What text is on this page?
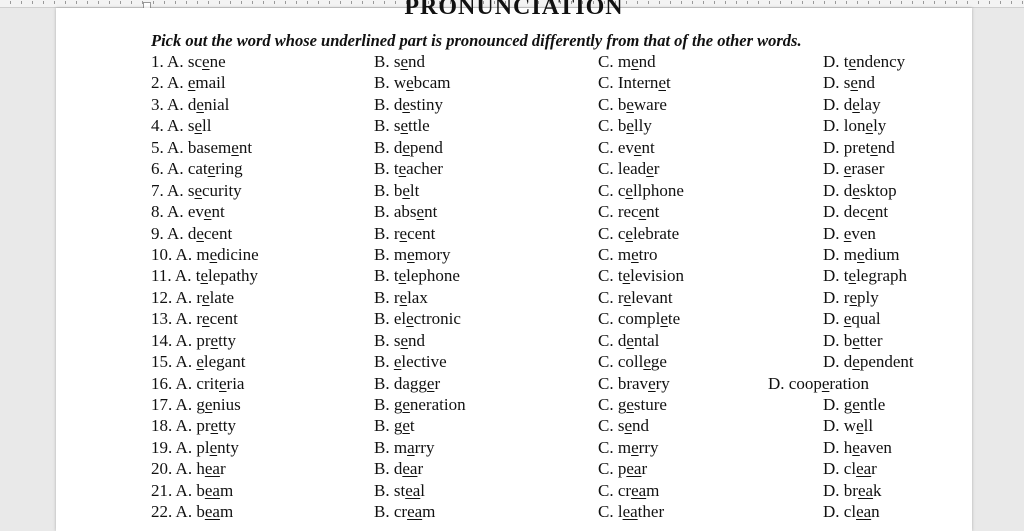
PRONUNCIATION
Pick out the word whose underlined part is pronounced differently from that of the other words.
1. A. scene	B. send	C. mend	D. tendency
2. A. email	B. webcam	C. Internet	D. send
3. A. denial	B. destiny	C. beware	D. delay
4. A. sell	B. settle	C. belly	D. lonely
5. A. basement	B. depend	C. event	D. pretend
6. A. catering	B. teacher	C. leader	D. eraser
7. A. security	B. belt	C. cellphone	D. desktop
8. A. event	B. absent	C. recent	D. decent
9. A. decent	B. recent	C. celebrate	D. even
10. A. medicine	B. memory	C. metro	D. medium
11. A. telepathy	B. telephone	C. television	D. telegraph
12. A. relate	B. relax	C. relevant	D. reply
13. A. recent	B. electronic	C. complete	D. equal
14. A. pretty	B. send	C. dental	D. better
15. A. elegant	B. elective	C. college	D. dependent
16. A. criteria	B. dagger	C. bravery	D. cooperation
17. A. genius	B. generation	C. gesture	D. gentle
18. A. pretty	B. get	C. send	D. well
19. A. plenty	B. marry	C. merry	D. heaven
20. A. hear	B. dear	C. pear	D. clear
21. A. beam	B. steal	C. cream	D. break
22. A. beam	B. cream	C. leather	D. clean
